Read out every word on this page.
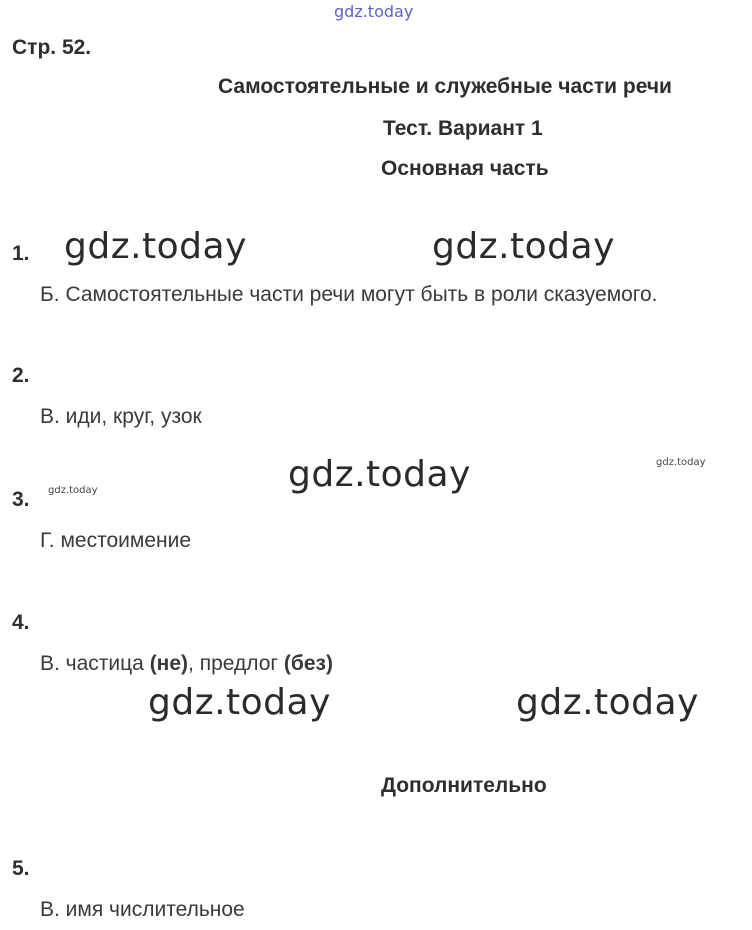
gdz.today
Стр. 52.
Самостоятельные и служебные части речи
Тест. Вариант 1
Основная часть
1. gdz.today	gdz.today
Б. Самостоятельные части речи могут быть в роли сказуемого.
2.
В. иди, круг, узок
gdz.today	gdz.today
gdz.today
3.
Г. местоимение
4.
В. частица (не), предлог (без)
gdz.today	gdz.today
Дополнительно
5.
В. имя числительное
